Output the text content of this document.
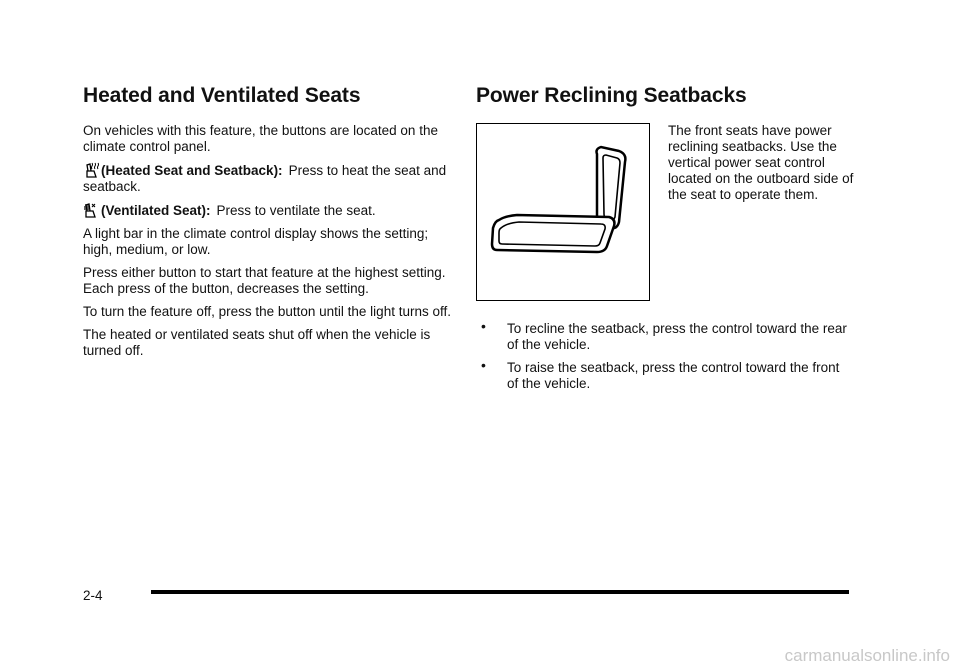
Heated and Ventilated Seats

On vehicles with this feature, the buttons are located on the climate control panel.

(Heated Seat and Seatback): Press to heat the seat and seatback.

(Ventilated Seat): Press to ventilate the seat.

A light bar in the climate control display shows the setting; high, medium, or low.

Press either button to start that feature at the highest setting. Each press of the button, decreases the setting.

To turn the feature off, press the button until the light turns off.

The heated or ventilated seats shut off when the vehicle is turned off.

Power Reclining Seatbacks
The front seats have power reclining seatbacks. Use the vertical power seat control located on the outboard side of the seat to operate them.
• To recline the seatback, press the control toward the rear of the vehicle.
• To raise the seatback, press the control toward the front of the vehicle.
2-4
carmanualsonline.info
